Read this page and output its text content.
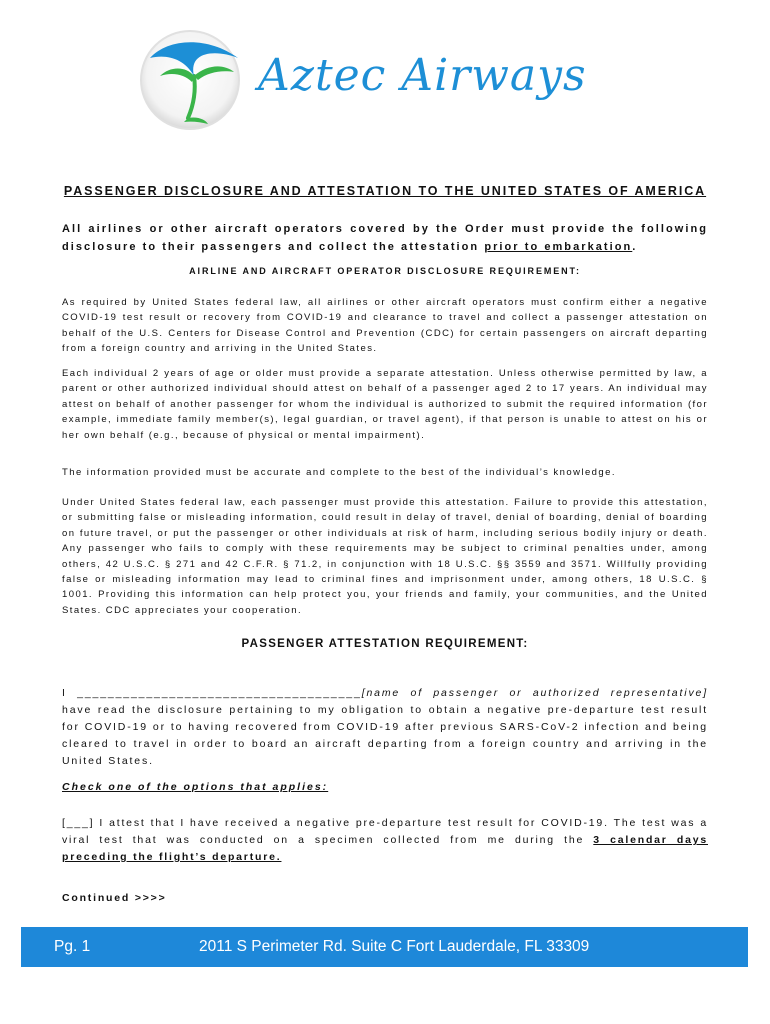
Aztec Airways
PASSENGER DISCLOSURE AND ATTESTATION TO THE UNITED STATES OF AMERICA
All airlines or other aircraft operators covered by the Order must provide the following disclosure to their passengers and collect the attestation prior to embarkation.
AIRLINE AND AIRCRAFT OPERATOR DISCLOSURE REQUIREMENT:
As required by United States federal law, all airlines or other aircraft operators must confirm either a negative COVID-19 test result or recovery from COVID-19 and clearance to travel and collect a passenger attestation on behalf of the U.S. Centers for Disease Control and Prevention (CDC) for certain passengers on aircraft departing from a foreign country and arriving in the United States.
Each individual 2 years of age or older must provide a separate attestation. Unless otherwise permitted by law, a parent or other authorized individual should attest on behalf of a passenger aged 2 to 17 years. An individual may attest on behalf of another passenger for whom the individual is authorized to submit the required information (for example, immediate family member(s), legal guardian, or travel agent), if that person is unable to attest on his or her own behalf (e.g., because of physical or mental impairment).
The information provided must be accurate and complete to the best of the individual’s knowledge.
Under United States federal law, each passenger must provide this attestation. Failure to provide this attestation, or submitting false or misleading information, could result in delay of travel, denial of boarding, denial of boarding on future travel, or put the passenger or other individuals at risk of harm, including serious bodily injury or death. Any passenger who fails to comply with these requirements may be subject to criminal penalties under, among others, 42 U.S.C. § 271 and 42 C.F.R. § 71.2, in conjunction with 18 U.S.C. §§ 3559 and 3571. Willfully providing false or misleading information may lead to criminal fines and imprisonment under, among others, 18 U.S.C. § 1001. Providing this information can help protect you, your friends and family, your communities, and the United States. CDC appreciates your cooperation.
PASSENGER ATTESTATION REQUIREMENT:
I _____________________________________[name of passenger or authorized representative] have read the disclosure pertaining to my obligation to obtain a negative pre-departure test result for COVID-19 or to having recovered from COVID-19 after previous SARS-CoV-2 infection and being cleared to travel in order to board an aircraft departing from a foreign country and arriving in the United States.
Check one of the options that applies:
[___] I attest that I have received a negative pre-departure test result for COVID-19. The test was a viral test that was conducted on a specimen collected from me during the 3 calendar days preceding the flight’s departure.
Continued >>>>
Pg. 1	2011 S Perimeter Rd. Suite C Fort Lauderdale, FL 33309
